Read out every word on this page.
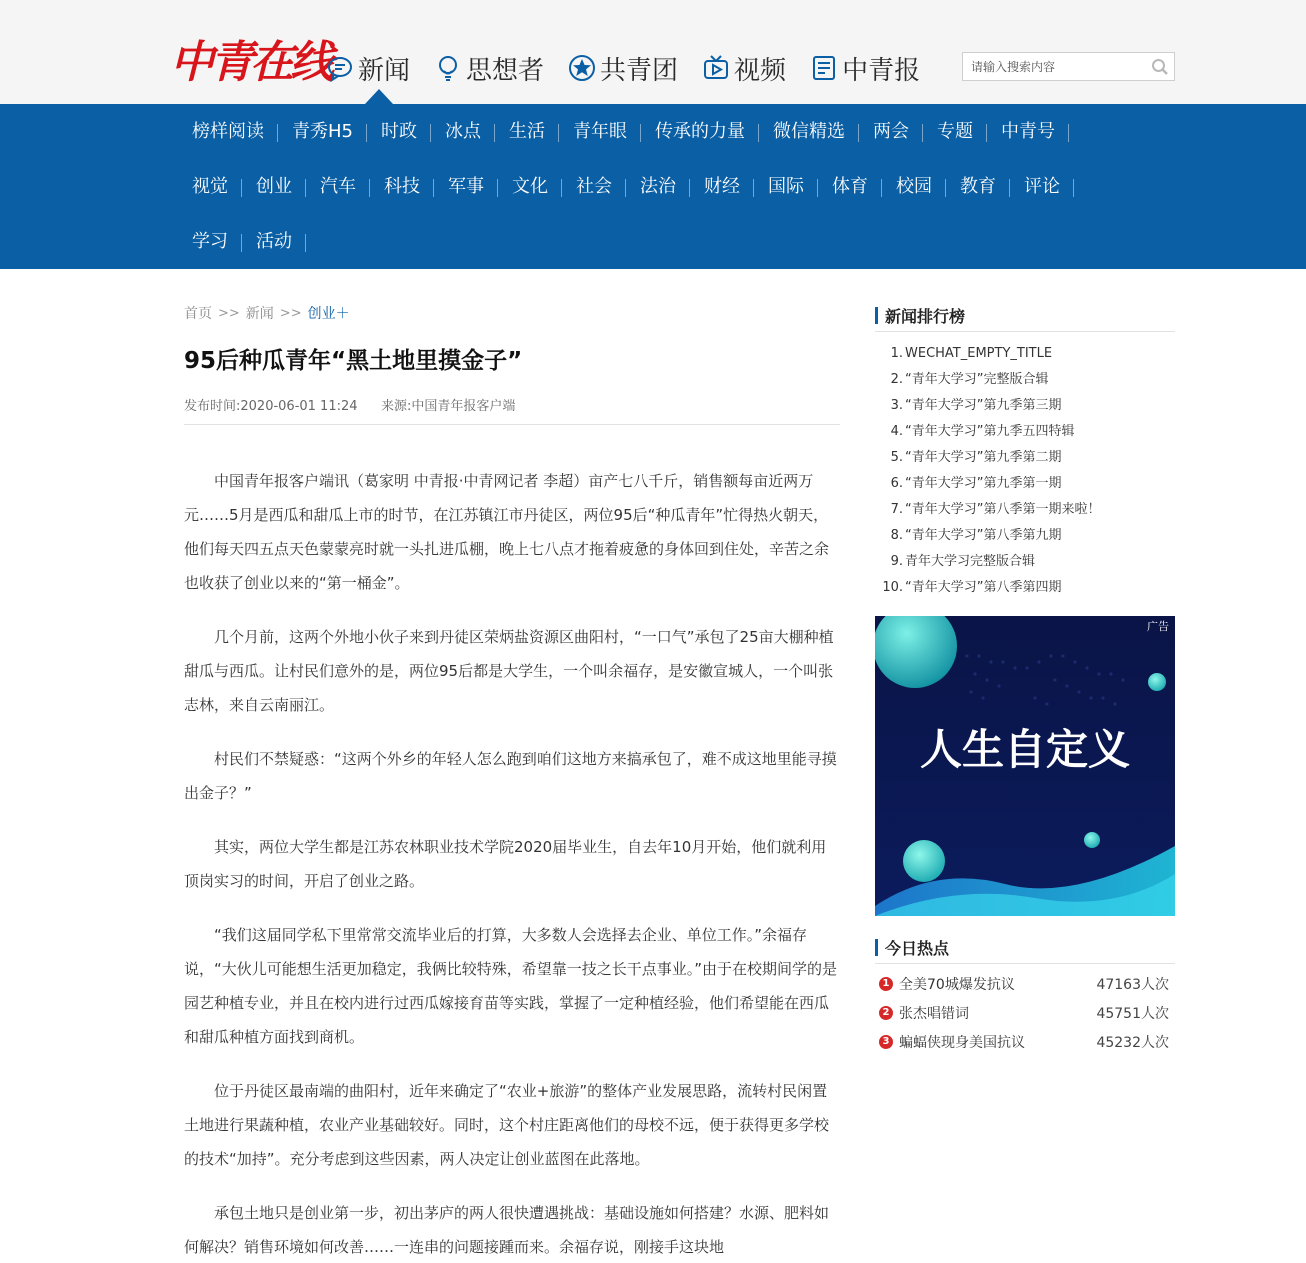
中青在线 新闻 思想者 共青团 视频 中青报
请输入搜索内容
榜样阅读	青秀H5	时政	冰点	生活	青年眼	传承的力量	微信精选	两会	专题	中青号
视觉	创业	汽车	科技	军事	文化	社会	法治	财经	国际	体育	校园	教育	评论
学习	活动
首页 >> 新闻 >> 创业＋
95后种瓜青年“黑土地里摸金子”
发布时间:2020-06-01 11:24 来源:中国青年报客户端

中国青年报客户端讯（葛家明 中青报·中青网记者 李超）亩产七八千斤，销售额每亩近两万元……5月是西瓜和甜瓜上市的时节，在江苏镇江市丹徒区，两位95后“种瓜青年”忙得热火朝天，他们每天四五点天色蒙蒙亮时就一头扎进瓜棚，晚上七八点才拖着疲惫的身体回到住处，辛苦之余也收获了创业以来的“第一桶金”。

几个月前，这两个外地小伙子来到丹徒区荣炳盐资源区曲阳村，“一口气”承包了25亩大棚种植甜瓜与西瓜。让村民们意外的是，两位95后都是大学生，一个叫余福存，是安徽宣城人，一个叫张志林，来自云南丽江。

村民们不禁疑惑：“这两个外乡的年轻人怎么跑到咱们这地方来搞承包了，难不成这地里能寻摸出金子？”

其实，两位大学生都是江苏农林职业技术学院2020届毕业生，自去年10月开始，他们就利用顶岗实习的时间，开启了创业之路。

“我们这届同学私下里常常交流毕业后的打算，大多数人会选择去企业、单位工作。”余福存说，“大伙儿可能想生活更加稳定，我俩比较特殊，希望靠一技之长干点事业。”由于在校期间学的是园艺种植专业，并且在校内进行过西瓜嫁接育苗等实践，掌握了一定种植经验，他们希望能在西瓜和甜瓜种植方面找到商机。

位于丹徒区最南端的曲阳村，近年来确定了“农业+旅游”的整体产业发展思路，流转村民闲置土地进行果蔬种植，农业产业基础较好。同时，这个村庄距离他们的母校不远，便于获得更多学校的技术“加持”。充分考虑到这些因素，两人决定让创业蓝图在此落地。

承包土地只是创业第一步，初出茅庐的两人很快遭遇挑战：基础设施如何搭建？水源、肥料如何解决？销售环境如何改善……一连串的问题接踵而来。余福存说，刚接手这块地

新闻排行榜
1. WECHAT_EMPTY_TITLE
2. “青年大学习”完整版合辑
3. “青年大学习”第九季第三期
4. “青年大学习”第九季五四特辑
5. “青年大学习”第九季第二期
6. “青年大学习”第九季第一期
7. “青年大学习”第八季第一期来啦！
8. “青年大学习”第八季第九期
9. 青年大学习完整版合辑
10. “青年大学习”第八季第四期
广告
人生自定义
今日热点
1 全美70城爆发抗议	47163人次
2 张杰唱错词	45751人次
3 蝙蝠侠现身美国抗议	45232人次
